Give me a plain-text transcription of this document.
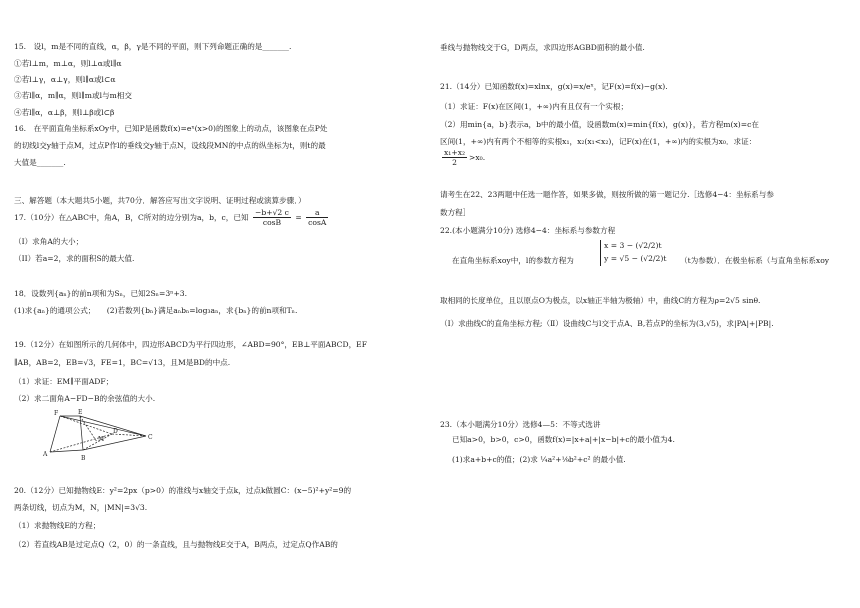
15.　设l，m是不同的直线，α，β，γ是不同的平面，则下列命题正确的是_______.
①若l⊥m，m⊥α，则l⊥α或l∥α
②若l⊥γ，α⊥γ，则l∥α或l⊂α
③若l∥α，m∥α，则l∥m或l与m相交
④若l∥α，α⊥β，则l⊥β或l⊂β
16.　在平面直角坐标系xOy中，已知P是函数f(x)=eˣ(x>0)的图象上的动点，该图象在点P处
的切线l交y轴于点M，过点P作l的垂线交y轴于点N，设线段MN的中点的纵坐标为t，则t的最
大值是_______.
三、解答题（本大题共5小题，共70分．解答应写出文字说明、证明过程或演算步骤．）
17.（10分）在△ABC中，角A，B，C所对的边分别为a，b，c，已知 $\frac{-b+√2 c}{\cos B} = \frac{a}{\cos A}$
（I）求角A的大小；
（II）若a=2，求的面积S的最大值.
18．设数列{aₙ}的前n项和为Sₙ，已知2Sₙ=3ⁿ+3.
(1)求{aₙ}的通项公式；　　(2)若数列{bₙ}满足aₙbₙ=log₃aₙ，求{bₙ}的前n项和Tₙ.
19.（12分）在如图所示的几何体中，四边形ABCD为平行四边形，∠ABD=90°，EB⊥平面ABCD，EF
∥AB，AB=2，EB=√3，FE=1，BC=√13，且M是BD的中点.
（1）求证：EM∥平面ADF；
（2）求二面角A−FD−B的余弦值的大小.
F	E
A
B
C
D
M
20.（12分）已知抛物线E：y²=2px（p>0）的准线与x轴交于点k，过点k做圆C：(x−5)²+y²=9的
两条切线，切点为M，N，|MN|=3√3.
（1）求抛物线E的方程；
（2）若直线AB是过定点Q（2，0）的一条直线，且与抛物线E交于A，B两点，过定点Q作AB的
垂线与抛物线交于G，D两点，求四边形AGBD面积的最小值.
21.（14分）已知函数f(x)=xlnx，g(x)=x/eˣ，记F(x)=f(x)−g(x).
（1）求证：F(x)在区间(1，+∞)内有且仅有一个实根；
（2）用min{a，b}表示a，b中的最小值，设函数m(x)=min{f(x)，g(x)}，若方程m(x)=c在
区间(1，+∞)内有两个不相等的实根x₁，x₂(x₁<x₂)，记F(x)在(1，+∞)内的实根为x₀．求证：
$\frac{\text{x₁+x₂}}{2} >x_0$.
请考生在22、23两题中任选一题作答，如果多做，则按所做的第一题记分.［选修4−4：坐标系与参
数方程］
22.(本小题满分10分) 选修4−4：坐标系与参数方程
在直角坐标系xoy中，l的参数方程为
x = 3 − (√2/2)t
y = √5 − (√2/2)t （t为参数）．在极坐标系（与直角坐标系xoy
取相同的长度单位，且以原点O为极点，以x轴正半轴为极轴）中，曲线C的方程为ρ=2√5 sinθ.
（Ⅰ）求曲线C的直角坐标方程;（Ⅱ）设曲线C与l交于点A、B,若点P的坐标为(3,√5)，求|PA|+|PB|.
23.（本小题满分10分）选修4—5：不等式选讲
已知a>0，b>0，c>0，函数f(x)=|x+a|+|x−b|+c的最小值为4.
(1)求a+b+c的值；(2)求 ¼a²+⅑b²+c² 的最小值.
